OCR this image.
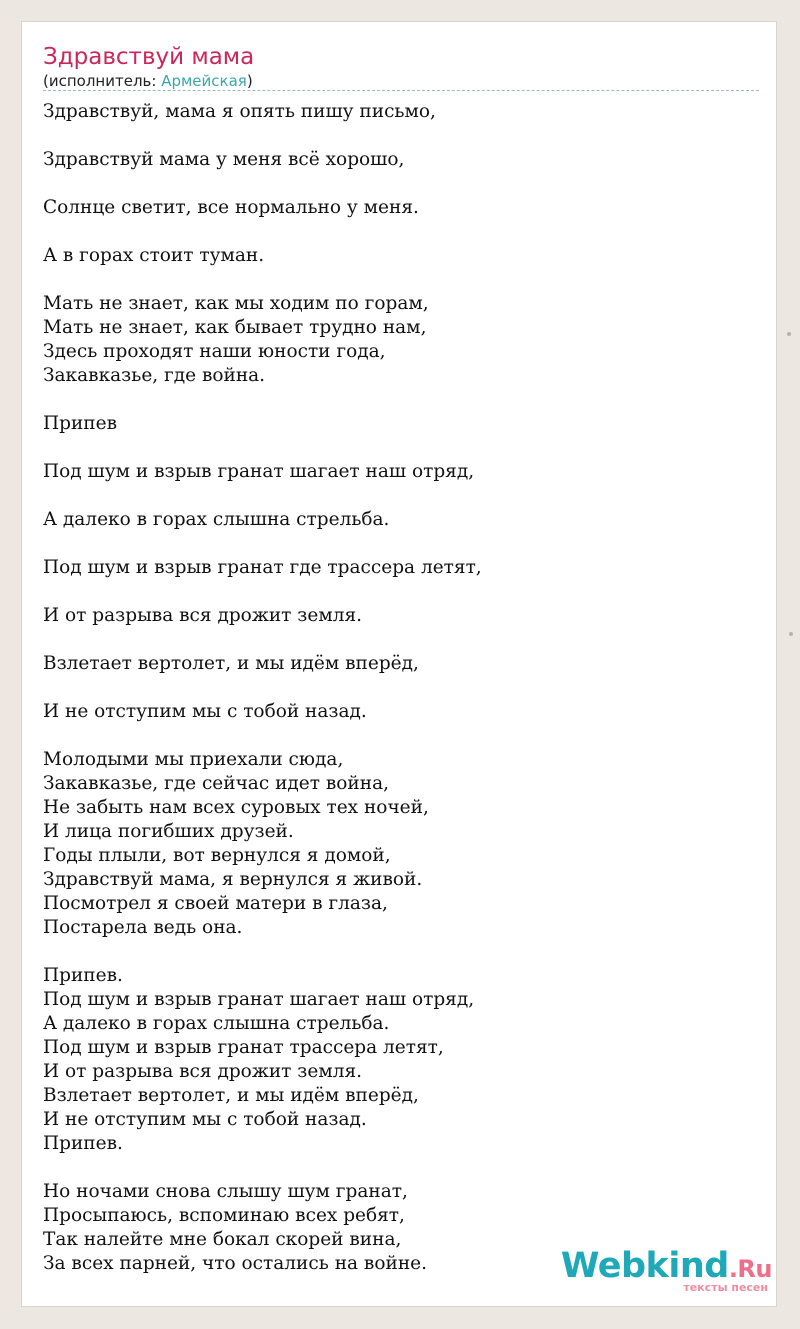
Здравствуй мама
(исполнитель: Армейская)
Здравствуй, мама я опять пишу письмо,
Здравствуй мама у меня всё хорошо,
Солнце светит, все нормально у меня.
А в горах стоит туман.
Мать не знает, как мы ходим по горам,
Мать не знает, как бывает трудно нам,
Здесь проходят наши юности года,
Закавказье, где война.
Припев
Под шум и взрыв гранат шагает наш отряд,
А далеко в горах слышна стрельба.
Под шум и взрыв гранат где трассера летят,
И от разрыва вся дрожит земля.
Взлетает вертолет, и мы идём вперёд,
И не отступим мы с тобой назад.
Молодыми мы приехали сюда,
Закавказье, где сейчас идет война,
Не забыть нам всех суровых тех ночей,
И лица погибших друзей.
Годы плыли, вот вернулся я домой,
Здравствуй мама, я вернулся я живой.
Посмотрел я своей матери в глаза,
Постарела ведь она.
Припев.
Под шум и взрыв гранат шагает наш отряд,
А далеко в горах слышна стрельба.
Под шум и взрыв гранат трассера летят,
И от разрыва вся дрожит земля.
Взлетает вертолет, и мы идём вперёд,
И не отступим мы с тобой назад.
Припев.
Но ночами снова слышу шум гранат,
Просыпаюсь, вспоминаю всех ребят,
Так налейте мне бокал скорей вина,
За всех парней, что остались на войне.	Webkind.Ru
тексты песен
